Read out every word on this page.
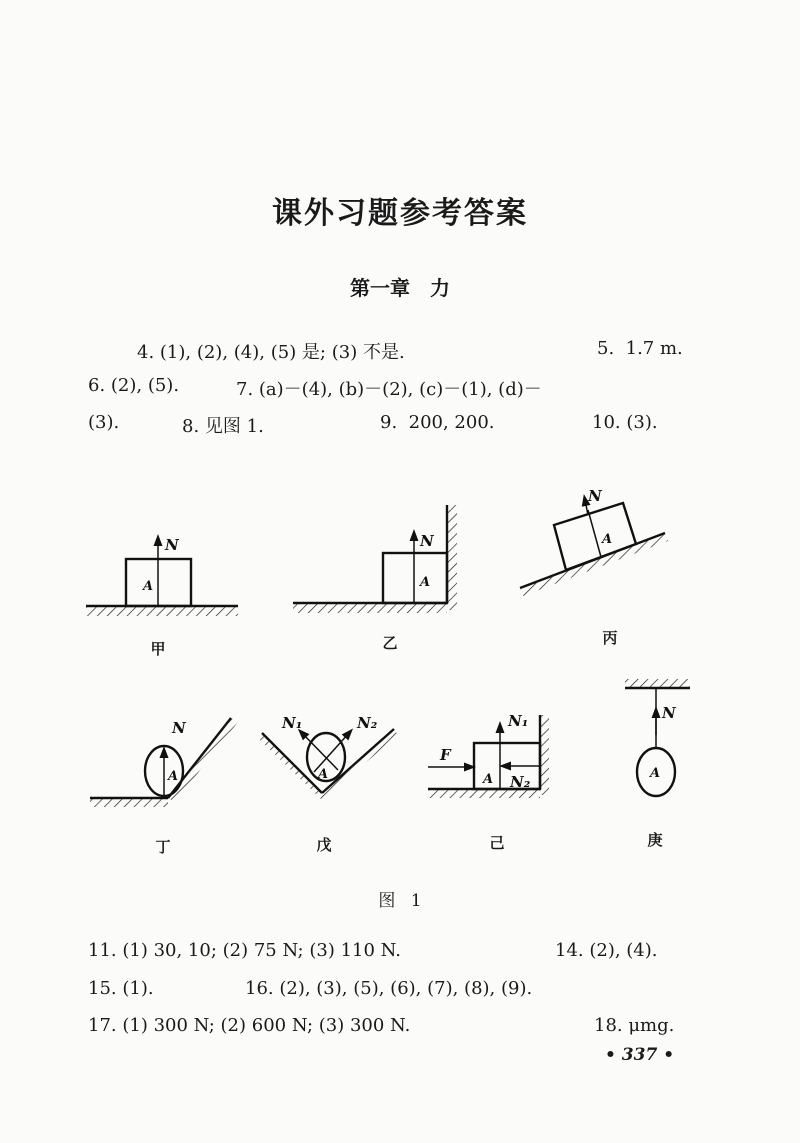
课外习题参考答案
第一章　力
4. (1), (2), (4), (5) 是; (3) 不是.	5.  1.7 m.
6. (2), (5).	7. (a)－(4), (b)－(2), (c)－(1), (d)－
(3).	8. 见图 1.	9.  200, 200.	10. (3).
N
A
N
A
N
A
N
A
N₁	N₂
A
N₁
F
A N₂
N
A
甲	乙	丙
丁	戊	己	庚
图 1
11. (1) 30, 10; (2) 75 N; (3) 110 N.	14. (2), (4).
15. (1).	16. (2), (3), (5), (6), (7), (8), (9).
17. (1) 300 N; (2) 600 N; (3) 300 N.	18. μmg.
• 337 •
